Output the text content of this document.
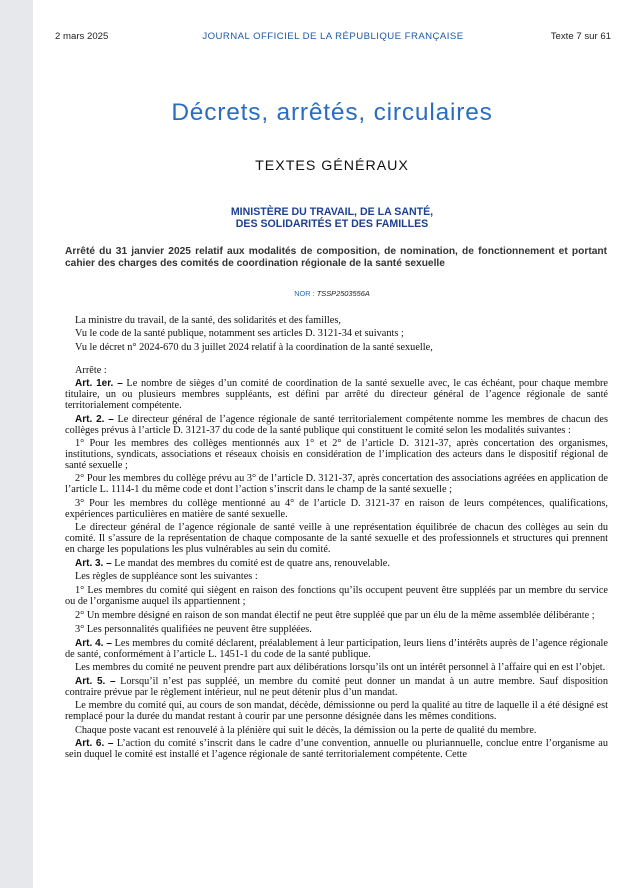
2 mars 2025	JOURNAL OFFICIEL DE LA RÉPUBLIQUE FRANÇAISE	Texte 7 sur 61
Décrets, arrêtés, circulaires
TEXTES GÉNÉRAUX
MINISTÈRE DU TRAVAIL, DE LA SANTÉ,
DES SOLIDARITÉS ET DES FAMILLES
Arrêté du 31 janvier 2025 relatif aux modalités de composition, de nomination, de fonctionnement et portant cahier des charges des comités de coordination régionale de la santé sexuelle
NOR : TSSP2503556A

La ministre du travail, de la santé, des solidarités et des familles,

Vu le code de la santé publique, notamment ses articles D. 3121-34 et suivants ;

Vu le décret n° 2024-670 du 3 juillet 2024 relatif à la coordination de la santé sexuelle,

Arrête :

Art. 1er. – Le nombre de sièges d’un comité de coordination de la santé sexuelle avec, le cas échéant, pour chaque membre titulaire, un ou plusieurs membres suppléants, est défini par arrêté du directeur général de l’agence régionale de santé territorialement compétente.

Art. 2. – Le directeur général de l’agence régionale de santé territorialement compétente nomme les membres de chacun des collèges prévus à l’article D. 3121-37 du code de la santé publique qui constituent le comité selon les modalités suivantes :

1° Pour les membres des collèges mentionnés aux 1° et 2° de l’article D. 3121-37, après concertation des organismes, institutions, syndicats, associations et réseaux choisis en considération de l’implication des acteurs dans le dispositif régional de santé sexuelle ;

2° Pour les membres du collège prévu au 3° de l’article D. 3121-37, après concertation des associations agréées en application de l’article L. 1114-1 du même code et dont l’action s’inscrit dans le champ de la santé sexuelle ;

3° Pour les membres du collège mentionné au 4° de l’article D. 3121-37 en raison de leurs compétences, qualifications, expériences particulières en matière de santé sexuelle.

Le directeur général de l’agence régionale de santé veille à une représentation équilibrée de chacun des collèges au sein du comité. Il s’assure de la représentation de chaque composante de la santé sexuelle et des professionnels et structures qui prennent en charge les populations les plus vulnérables au sein du comité.

Art. 3. – Le mandat des membres du comité est de quatre ans, renouvelable.

Les règles de suppléance sont les suivantes :

1° Les membres du comité qui siègent en raison des fonctions qu’ils occupent peuvent être suppléés par un membre du service ou de l’organisme auquel ils appartiennent ;

2° Un membre désigné en raison de son mandat électif ne peut être suppléé que par un élu de la même assemblée délibérante ;

3° Les personnalités qualifiées ne peuvent être suppléées.

Art. 4. – Les membres du comité déclarent, préalablement à leur participation, leurs liens d’intérêts auprès de l’agence régionale de santé, conformément à l’article L. 1451-1 du code de la santé publique.

Les membres du comité ne peuvent prendre part aux délibérations lorsqu’ils ont un intérêt personnel à l’affaire qui en est l’objet.

Art. 5. – Lorsqu’il n’est pas suppléé, un membre du comité peut donner un mandat à un autre membre. Sauf disposition contraire prévue par le règlement intérieur, nul ne peut détenir plus d’un mandat.

Le membre du comité qui, au cours de son mandat, décède, démissionne ou perd la qualité au titre de laquelle il a été désigné est remplacé pour la durée du mandat restant à courir par une personne désignée dans les mêmes conditions.

Chaque poste vacant est renouvelé à la plénière qui suit le décès, la démission ou la perte de qualité du membre.

Art. 6. – L’action du comité s’inscrit dans le cadre d’une convention, annuelle ou pluriannuelle, conclue entre l’organisme au sein duquel le comité est installé et l’agence régionale de santé territorialement compétente. Cette
